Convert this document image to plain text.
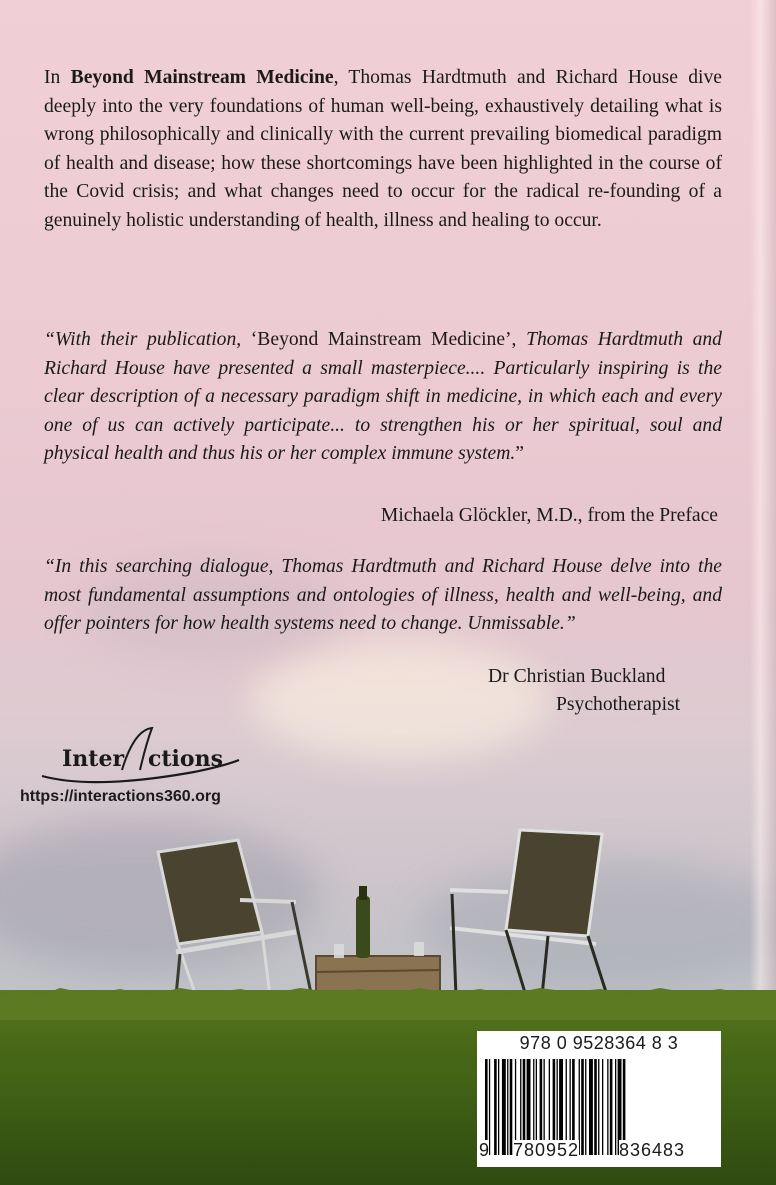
In Beyond Mainstream Medicine, Thomas Hardtmuth and Richard House dive deeply into the very foundations of human well-being, exhaustively detailing what is wrong philosophically and clinically with the current prevailing biomedical paradigm of health and disease; how these shortcomings have been highlighted in the course of the Covid crisis; and what changes need to occur for the radical re-founding of a genuinely holistic understanding of health, illness and healing to occur.
“With their publication, ‘Beyond Mainstream Medicine’, Thomas Hardtmuth and Richard House have presented a small masterpiece.... Particularly inspiring is the clear description of a necessary paradigm shift in medicine, in which each and every one of us can actively participate... to strengthen his or her spiritual, soul and physical health and thus his or her complex immune system.”
Michaela Glöckler, M.D., from the Preface
“In this searching dialogue, Thomas Hardtmuth and Richard House delve into the most fundamental assumptions and ontologies of illness, health and well-being, and offer pointers for how health systems need to change. Unmissable.”
Dr Christian Buckland
Psychotherapist
Inter ctions
https://interactions360.org
978 0 9528364 8 3
9 780952 836483
